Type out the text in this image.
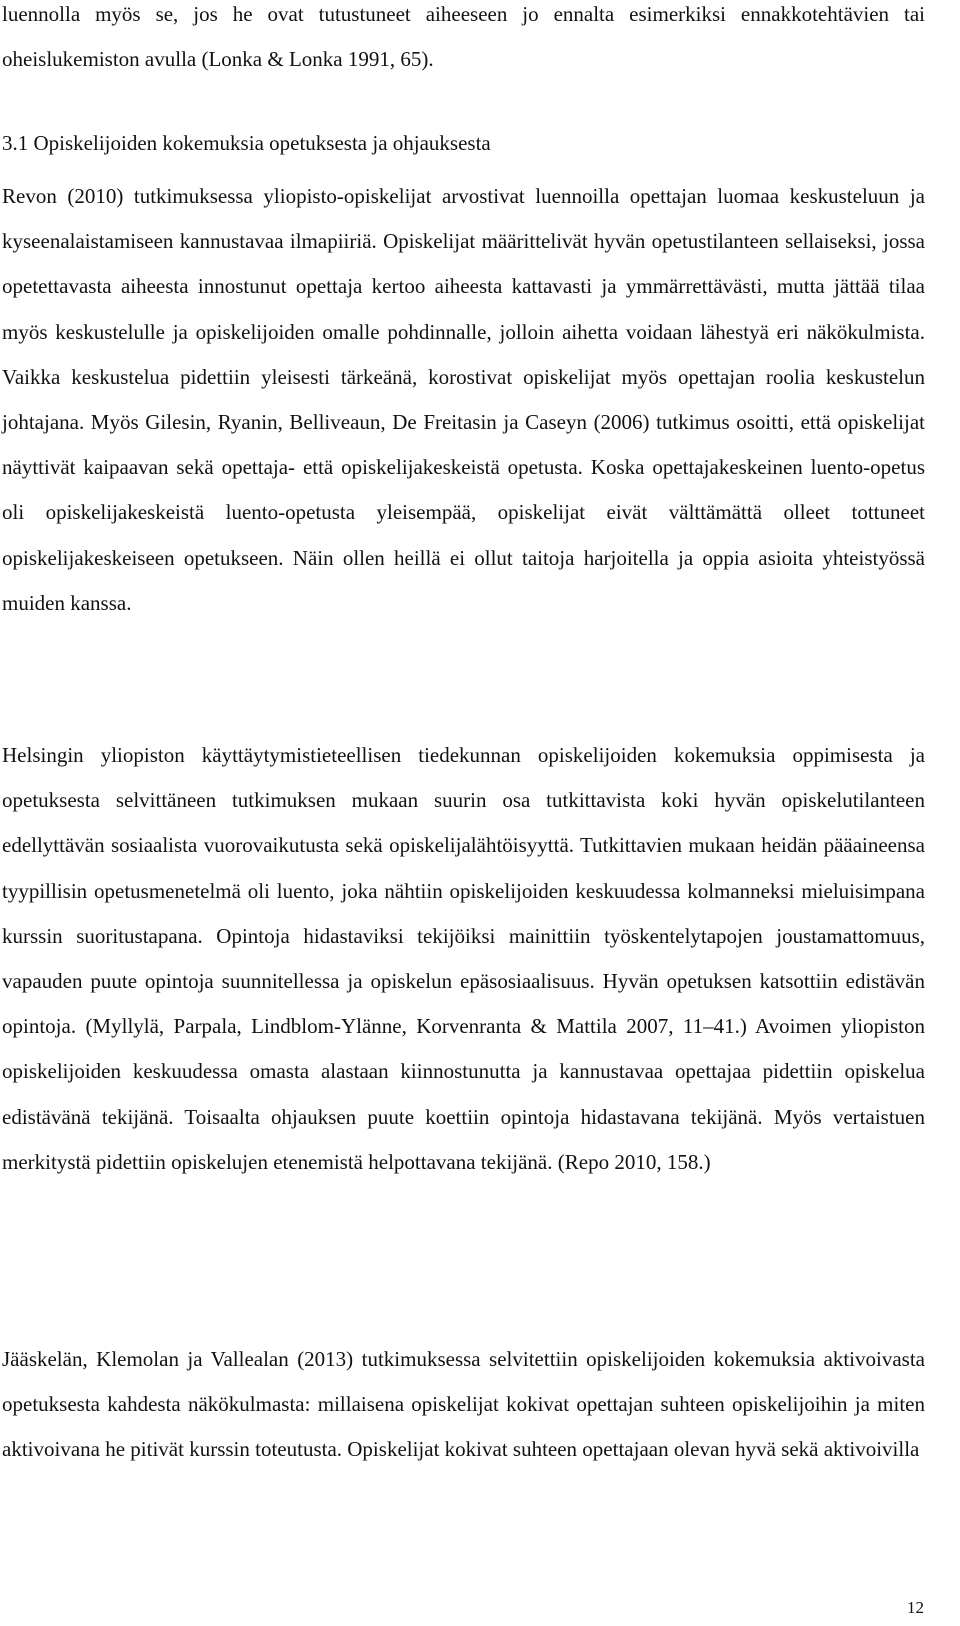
luennolla myös se, jos he ovat tutustuneet aiheeseen jo ennalta esimerkiksi ennakkotehtävien tai oheislukemiston avulla (Lonka & Lonka 1991, 65).

3.1 Opiskelijoiden kokemuksia opetuksesta ja ohjauksesta

Revon (2010) tutkimuksessa yliopisto-opiskelijat arvostivat luennoilla opettajan luomaa keskusteluun ja kyseenalaistamiseen kannustavaa ilmapiiriä. Opiskelijat määrittelivät hyvän opetustilanteen sellaiseksi, jossa opetettavasta aiheesta innostunut opettaja kertoo aiheesta kattavasti ja ymmärrettävästi, mutta jättää tilaa myös keskustelulle ja opiskelijoiden omalle pohdinnalle, jolloin aihetta voidaan lähestyä eri näkökulmista. Vaikka keskustelua pidettiin yleisesti tärkeänä, korostivat opiskelijat myös opettajan roolia keskustelun johtajana. Myös Gilesin, Ryanin, Belliveaun, De Freitasin ja Caseyn (2006) tutkimus osoitti, että opiskelijat näyttivät kaipaavan sekä opettaja- että opiskelijakeskeistä opetusta. Koska opettajakeskeinen luento-opetus oli opiskelijakeskeistä luento-opetusta yleisempää, opiskelijat eivät välttämättä olleet tottuneet opiskelijakeskeiseen opetukseen. Näin ollen heillä ei ollut taitoja harjoitella ja oppia asioita yhteistyössä muiden kanssa.

Helsingin yliopiston käyttäytymistieteellisen tiedekunnan opiskelijoiden kokemuksia oppimisesta ja opetuksesta selvittäneen tutkimuksen mukaan suurin osa tutkittavista koki hyvän opiskelutilanteen edellyttävän sosiaalista vuorovaikutusta sekä opiskelijalähtöisyyttä. Tutkittavien mukaan heidän pääaineensa tyypillisin opetusmenetelmä oli luento, joka nähtiin opiskelijoiden keskuudessa kolmanneksi mieluisimpana kurssin suoritustapana. Opintoja hidastaviksi tekijöiksi mainittiin työskentelytapojen joustamattomuus, vapauden puute opintoja suunnitellessa ja opiskelun epäsosiaalisuus. Hyvän opetuksen katsottiin edistävän opintoja. (Myllylä, Parpala, Lindblom-Ylänne, Korvenranta & Mattila 2007, 11–41.) Avoimen yliopiston opiskelijoiden keskuudessa omasta alastaan kiinnostunutta ja kannustavaa opettajaa pidettiin opiskelua edistävänä tekijänä. Toisaalta ohjauksen puute koettiin opintoja hidastavana tekijänä. Myös vertaistuen merkitystä pidettiin opiskelujen etenemistä helpottavana tekijänä. (Repo 2010, 158.)

Jääskelän, Klemolan ja Vallealan (2013) tutkimuksessa selvitettiin opiskelijoiden kokemuksia aktivoivasta opetuksesta kahdesta näkökulmasta: millaisena opiskelijat kokivat opettajan suhteen opiskelijoihin ja miten aktivoivana he pitivät kurssin toteutusta. Opiskelijat kokivat suhteen opettajaan olevan hyvä sekä aktivoivilla

12
